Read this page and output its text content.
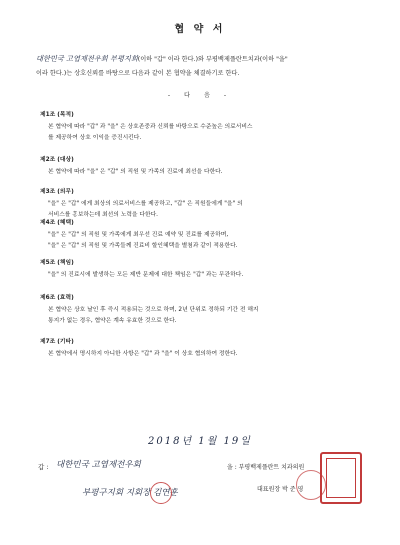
협 약 서
대한민국 고엽제전우회 부평지회(이하 "갑" 이라 한다.)와 부평백제플란트치과(이하 "을"
이라 한다.)는 상호신뢰를 바탕으로 다음과 같이 본 협약을 체결하기로 한다.
- 다 음 -
제1조 (목적)
본 협약에 따라 "갑" 과 "을" 은 상호존중과 신뢰를 바탕으로 수준높은 의료서비스
를 제공하여 상호 이익을 증진시킨다.
제2조 (대상)
본 협약에 따라 "을" 은 "갑" 의 직원 및 가족의 진료에 최선을 다한다.
제3조 (의무)
"을" 은 "갑" 에게 최상의 의료서비스를 제공하고, "갑" 은 직원들에게 "을" 의
서비스를 홍보하는데 최선의 노력을 다한다.
제4조 (혜택)
"을" 은 "갑" 의 직원 및 가족에게 최우선 진료 예약 및 진료를 제공하며,
"을" 은 "갑" 의 직원 및 가족들께 진료비 할인혜택을 별첨과 같이 적용한다.
제5조 (책임)
"을" 의 진료시에 발생하는 모든 제반 문제에 대한 책임은 "갑" 과는 무관하다.
제6조 (효력)
본 협약은 상호 날인 후 즉시 적용되는 것으로 하며, 2년 단위로 정하되 기간 전 해지
통지가 없는 경우, 협약은 계속 유효한 것으로 한다.
제7조 (기타)
본 협약에서 명시하지 아니한 사항은 "갑" 과 "을" 이 상호 협의하여 정한다.
2018년 1월 19일
갑 : 대한민국 고엽제전우회
부평구지회 지회장 김연훈
을 : 부평백제플란트 치과의원
대표원장 박 준 영
